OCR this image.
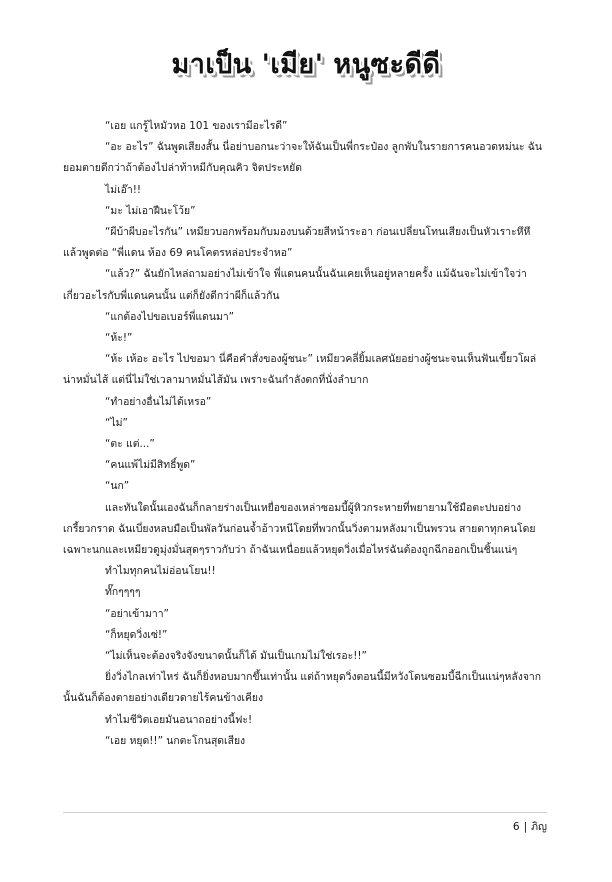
มาเป็น 'เมีย' หนูซะดีดี

“เอย แกรู้ไหมัวหอ 101 ของเรามีอะไรดี”

“อะ อะไร” ฉันพูดเสียงสั้น นี่อย่าบอกนะว่าจะให้ฉันเป็นพี่กระป๋อง ลูกพับในรายการคนอวดหม่นะ ฉันยอมตายดีกว่าถ้าต้องไปล่าท้าหมีกับคุณคิว จิตประหยัด

ไม่เอ๊า!!

“มะ ไม่เอาฝืนะโว้ย”

“ผีบ้าผีบอะไรกัน” เหมียวบอกพร้อมกับมองบนด้วยสีหน้าระอา ก่อนเปลี่ยนโทนเสียงเป็นหัวเราะหึหึ แล้วพูดต่อ “พี่แดน ห้อง 69 คนโคตรหล่อประจำหอ”

“แล้ว?” ฉันยักไหล่ถามอย่างไม่เข้าใจ พี่แดนคนนั้นฉันเคยเห็นอยู่หลายครั้ง แม้ฉันจะไม่เข้าใจว่าเกี่ยวอะไรกับพี่แดนคนนั้น แต่ก็ยังดีกว่าผีก็แล้วกัน

“แกต้องไปขอเบอร์พี่แดนมา”

“ห้ะ!”

“ห้ะ เห้อะ อะไร ไปขอมา นี่คือคำสั่งของผู้ชนะ” เหมียวคลี่ยิ้มเลศนัยอย่างผู้ชนะจนเห็นฟันเขี้ยวโผล่น่าหมั่นไส้ แต่นี่ไม่ใช่เวลามาหมั่นไส้มัน เพราะฉันกำลังตกที่นั่งลำบาก

“ทำอย่างอื่นไม่ได้เหรอ”

“ไม่”

“ตะ แต่...”

“คนแพ้ไม่มีสิทธิ์พูด”

“นก”

และทันใดนั้นเองฉันก็กลายร่างเป็นเหยื่อของเหล่าซอมบี้ผู้หิวกระหายที่พยายามใช้มือตะปบอย่างเกรี้ยวกราด ฉันเบี่ยงหลบมือเป็นพัลวันก่อนจ้ำอ้าวหนีโดยที่พวกนั้นวิ่งตามหลังมาเป็นพรวน สายตาทุกคนโดยเฉพาะนกและเหมียวดูมุ่งมั่นสุดๆราวกับว่า ถ้าฉันเหนื่อยแล้วหยุดวิ่งเมื่อไหร่ฉันต้องถูกฉีกออกเป็นชิ้นแน่ๆ

ทำไมทุกคนไม่อ่อนโยน!!

ทั๊กๆๆๆๆ

“อย่าเข้ามาา”

“ก็หยุดวิ่งเซ่!”

“ไม่เห็นจะต้องจริงจังขนาดนั้นก็ได้ มันเป็นเกมไม่ใช่เรอะ!!”

ยิ่งวิ่งไกลเท่าไหร่ ฉันก็ยิ่งหอบมากขึ้นเท่านั้น แต่ถ้าหยุดวิ่งตอนนี้มีหวังโดนซอมบี้ฉีกเป็นแน่ๆหลังจากนั้นฉันก็ต้องตายอย่างเดียวดายไร้คนข้างเคียง

ทำไมชีวิตเอยมันอนาถอย่างนี้ฟะ!

“เอย หยุด!!” นกตะโกนสุดเสียง

6 | ภิญ
